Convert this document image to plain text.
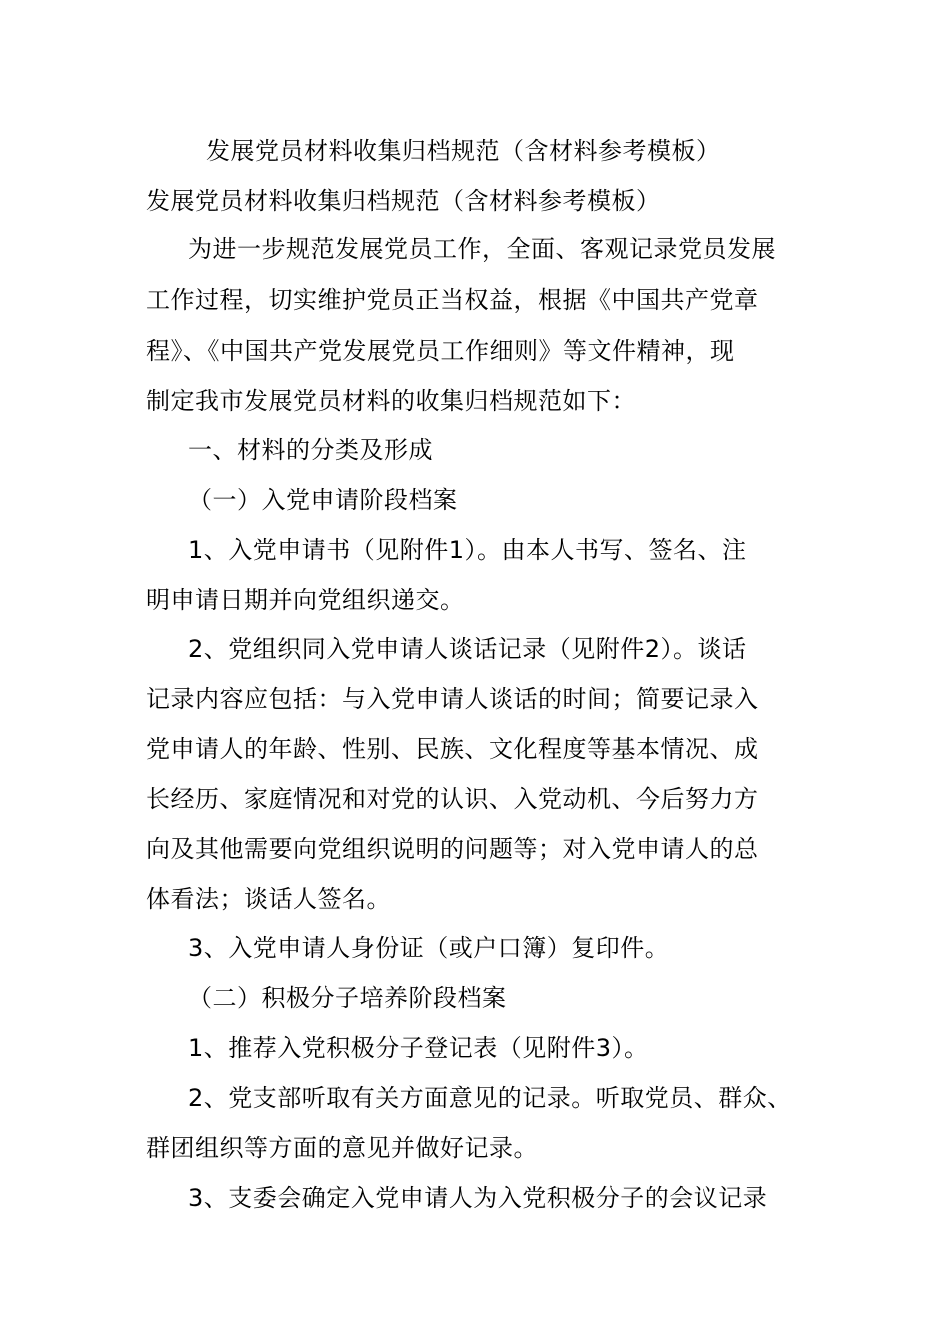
发展党员材料收集归档规范（含材料参考模板）
发展党员材料收集归档规范（含材料参考模板）
为进一步规范发展党员工作，全面、客观记录党员发展
工作过程，切实维护党员正当权益，根据《中国共产党章
程》、《中国共产党发展党员工作细则》等文件精神，现
制定我市发展党员材料的收集归档规范如下：
一、材料的分类及形成
（一）入党申请阶段档案
1、入党申请书（见附件1）。由本人书写、签名、注
明申请日期并向党组织递交。
2、党组织同入党申请人谈话记录（见附件2）。谈话
记录内容应包括：与入党申请人谈话的时间；简要记录入
党申请人的年龄、性别、民族、文化程度等基本情况、成
长经历、家庭情况和对党的认识、入党动机、今后努力方
向及其他需要向党组织说明的问题等；对入党申请人的总
体看法；谈话人签名。
3、入党申请人身份证（或户口簿）复印件。
（二）积极分子培养阶段档案
1、推荐入党积极分子登记表（见附件3）。
2、党支部听取有关方面意见的记录。听取党员、群众、
群团组织等方面的意见并做好记录。
3、支委会确定入党申请人为入党积极分子的会议记录
